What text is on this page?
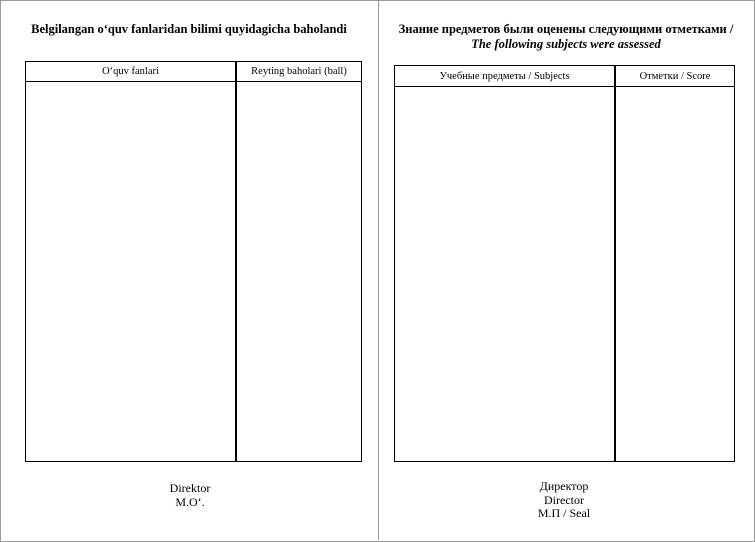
Belgilangan o‘quv fanlaridan bilimi quyidagicha baholandi
O‘quv fanlari	Reyting baholari (ball)
Direktor
M.O‘.
Знание предметов были оценены следующими отметками /
The following subjects were assessed
Учебные предметы / Subjects	Отметки / Score
Директор
Director
М.П / Seal
